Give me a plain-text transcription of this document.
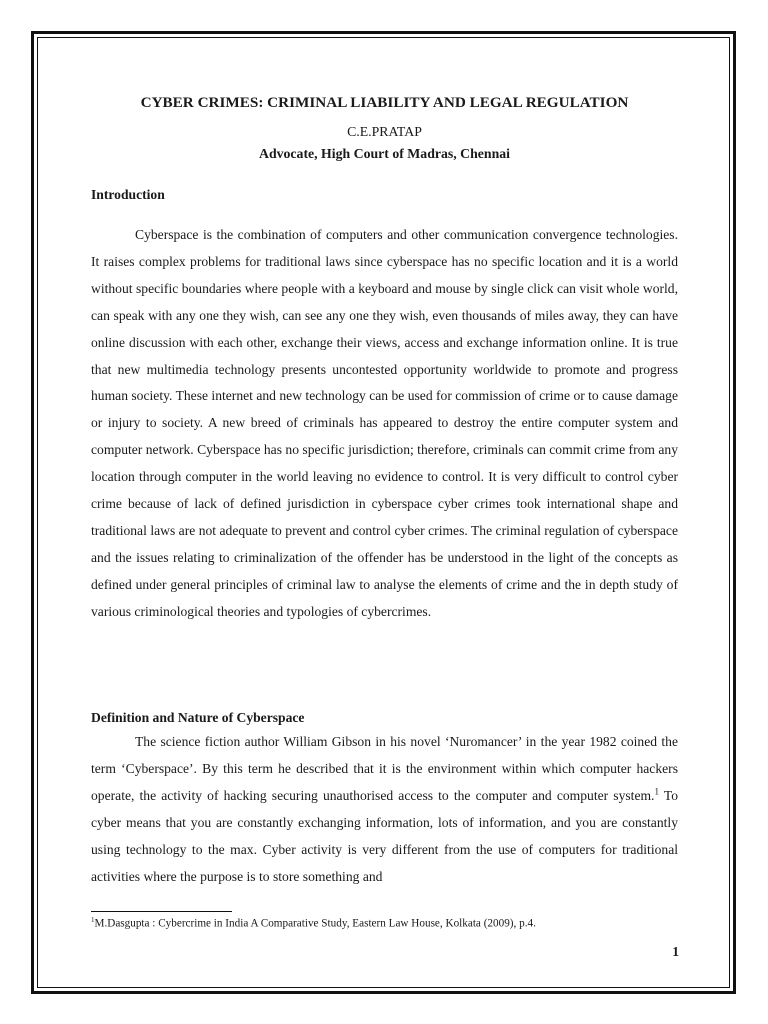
CYBER CRIMES: CRIMINAL LIABILITY AND LEGAL REGULATION

C.E.PRATAP

Advocate, High Court of Madras, Chennai

Introduction

Cyberspace is the combination of computers and other communication convergence technologies. It raises complex problems for traditional laws since cyberspace has no specific location and it is a world without specific boundaries where people with a keyboard and mouse by single click can visit whole world, can speak with any one they wish, can see any one they wish, even thousands of miles away, they can have online discussion with each other, exchange their views, access and exchange information online. It is true that new multimedia technology presents uncontested opportunity worldwide to promote and progress human society. These internet and new technology can be used for commission of crime or to cause damage or injury to society. A new breed of criminals has appeared to destroy the entire computer system and computer network. Cyberspace has no specific jurisdiction; therefore, criminals can commit crime from any location through computer in the world leaving no evidence to control. It is very difficult to control cyber crime because of lack of defined jurisdiction in cyberspace cyber crimes took international shape and traditional laws are not adequate to prevent and control cyber crimes. The criminal regulation of cyberspace and the issues relating to criminalization of the offender has be understood in the light of the concepts as defined under general principles of criminal law to analyse the elements of crime and the in depth study of various criminological theories and typologies of cybercrimes.

Definition and Nature of Cyberspace

The science fiction author William Gibson in his novel ‘Nuromancer’ in the year 1982 coined the term ‘Cyberspace’. By this term he described that it is the environment within which computer hackers operate, the activity of hacking securing unauthorised access to the computer and computer system.$^1$ To cyber means that you are constantly exchanging information, lots of information, and you are constantly using technology to the max. Cyber activity is very different from the use of computers for traditional activities where the purpose is to store something and

$^1$M.Dasgupta : Cybercrime in India A Comparative Study, Eastern Law House, Kolkata (2009), p.4.

1
